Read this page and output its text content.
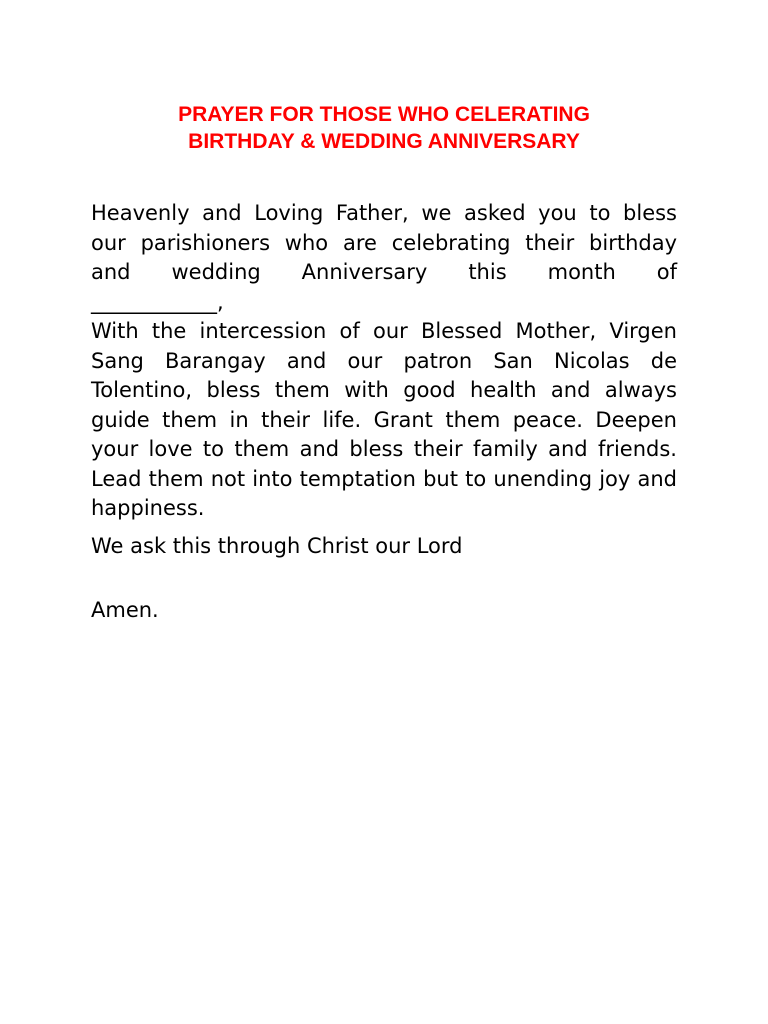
PRAYER FOR THOSE WHO CELERATING
BIRTHDAY & WEDDING ANNIVERSARY

Heavenly and Loving Father, we asked you to bless
our parishioners who are celebrating their birthday
and wedding Anniversary this month of
____________,

With the intercession of our Blessed Mother, Virgen Sang Barangay and our patron San Nicolas de Tolentino, bless them with good health and always guide them in their life. Grant them peace. Deepen your love to them and bless their family and friends. Lead them not into temptation but to unending joy and happiness.

We ask this through Christ our Lord

Amen.
